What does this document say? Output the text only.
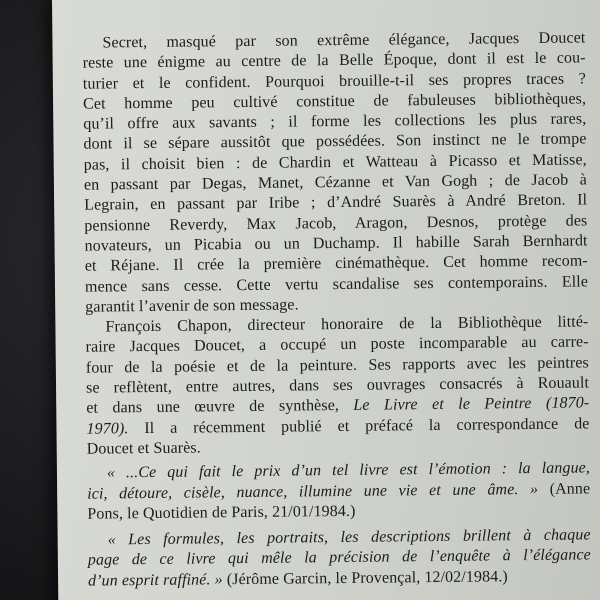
Secret, masqué par son extrême élégance, Jacques Doucet

reste une énigme au centre de la Belle Époque, dont il est le cou-

turier et le confident. Pourquoi brouille-t-il ses propres traces ?

Cet homme peu cultivé constitue de fabuleuses bibliothèques,

qu’il offre aux savants ; il forme les collections les plus rares,

dont il se sépare aussitôt que possédées. Son instinct ne le trompe

pas, il choisit bien : de Chardin et Watteau à Picasso et Matisse,

en passant par Degas, Manet, Cézanne et Van Gogh ; de Jacob à

Legrain, en passant par Iribe ; d’André Suarès à André Breton. Il

pensionne Reverdy, Max Jacob, Aragon, Desnos, protège des

novateurs, un Picabia ou un Duchamp. Il habille Sarah Bernhardt

et Réjane. Il crée la première cinémathèque. Cet homme recom-

mence sans cesse. Cette vertu scandalise ses contemporains. Elle

garantit l’avenir de son message.

François Chapon, directeur honoraire de la Bibliothèque litté-

raire Jacques Doucet, a occupé un poste incomparable au carre-

four de la poésie et de la peinture. Ses rapports avec les peintres

se reflètent, entre autres, dans ses ouvrages consacrés à Rouault

et dans une œuvre de synthèse, Le Livre et le Peintre (1870-

1970). Il a récemment publié et préfacé la correspondance de

Doucet et Suarès.

« ...Ce qui fait le prix d’un tel livre est l’émotion : la langue,

ici, détoure, cisèle, nuance, illumine une vie et une âme. » (Anne

Pons, le Quotidien de Paris, 21/01/1984.)

« Les formules, les portraits, les descriptions brillent à chaque

page de ce livre qui mêle la précision de l’enquête à l’élégance

d’un esprit raffiné. » (Jérôme Garcin, le Provençal, 12/02/1984.)
